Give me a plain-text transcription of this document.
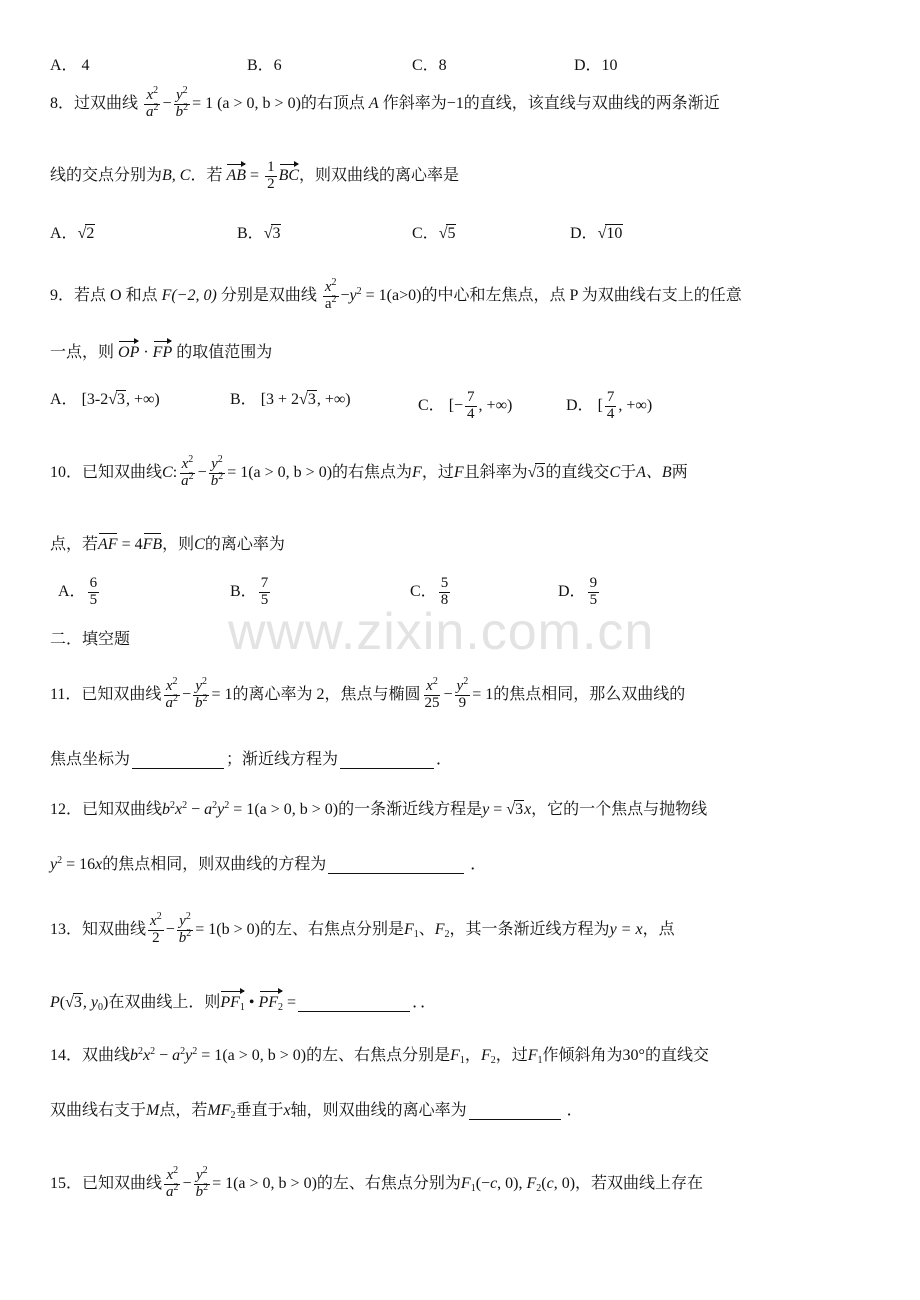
www.zixin.com.cn
A． 4	B．6	C．8	D．10
8．过双曲线 $\frac{x^2}{a^2} - \frac{y^2}{b^2} = 1$ (a > 0, b > 0)的右顶点 A 作斜率为−1的直线，该直线与双曲线的两条渐近
线的交点分别为B, C．若 AB = $\frac{1}{2}$ BC，则双曲线的离心率是
A．√2	B．√3	C．√5	D．√10
9．若点 O 和点 F(−2, 0) 分别是双曲线 $\frac{x^2}{a^2} -y^2 = 1(a>0)$的中心和左焦点，点 P 为双曲线右支上的任意
一点，则 OP · FP 的取值范围为
A． [3-2√3, +∞)	B． [3 + 2√3, +∞)	C． [− $\frac{7}{4}$ , +∞)	D． [ $\frac{7}{4}$ , +∞)
10．已知双曲线C: $\frac{x^2}{a^2} - \frac{y^2}{b^2} = 1(a > 0$, b > 0)的右焦点为F，过F且斜率为√3的直线交C于A、B两
点，若AF = 4FB，则C的离心率为
A． $\frac{6}{5}$	B． $\frac{7}{5}$	C． $\frac{5}{8}$	D． $\frac{9}{5}$
二．填空题
11．已知双曲线 $\frac{x^2}{a^2} - \frac{y^2}{b^2} = 1$的离心率为 2，焦点与椭圆 $\frac{x^2}{25} - \frac{y^2}{9} = 1$的焦点相同，那么双曲线的
焦点坐标为	；渐近线方程为	．
12．已知双曲线$b^2x^2 - a^2y^2 = 1(a > 0$, b > 0)的一条渐近线方程是y = √3x，它的一个焦点与抛物线
$y^2 = 16x$的焦点相同，则双曲线的方程为	．
13．知双曲线 $\frac{x^2}{2} - \frac{y^2}{b^2} = 1(b > 0)$的左、右焦点分别是$F_1$、$F_2$，其一条渐近线方程为y = x，点
P(√3, $y_0$)在双曲线上．则$PF_1$ • $PF_2$ =	．．
14．双曲线$b^2x^2 - a^2y^2 = 1(a > 0$, b > 0)的左、右焦点分别是$F_1$，$F_2$，过$F_1$作倾斜角为30°的直线交
双曲线右支于M点，若$MF_2$垂直于x轴，则双曲线的离心率为	．
15．已知双曲线 $\frac{x^2}{a^2} - \frac{y^2}{b^2} = 1(a > 0$, b > 0)的左、右焦点分别为$F_1(-c$, 0), $F_2(c$, 0)，若双曲线上存在
